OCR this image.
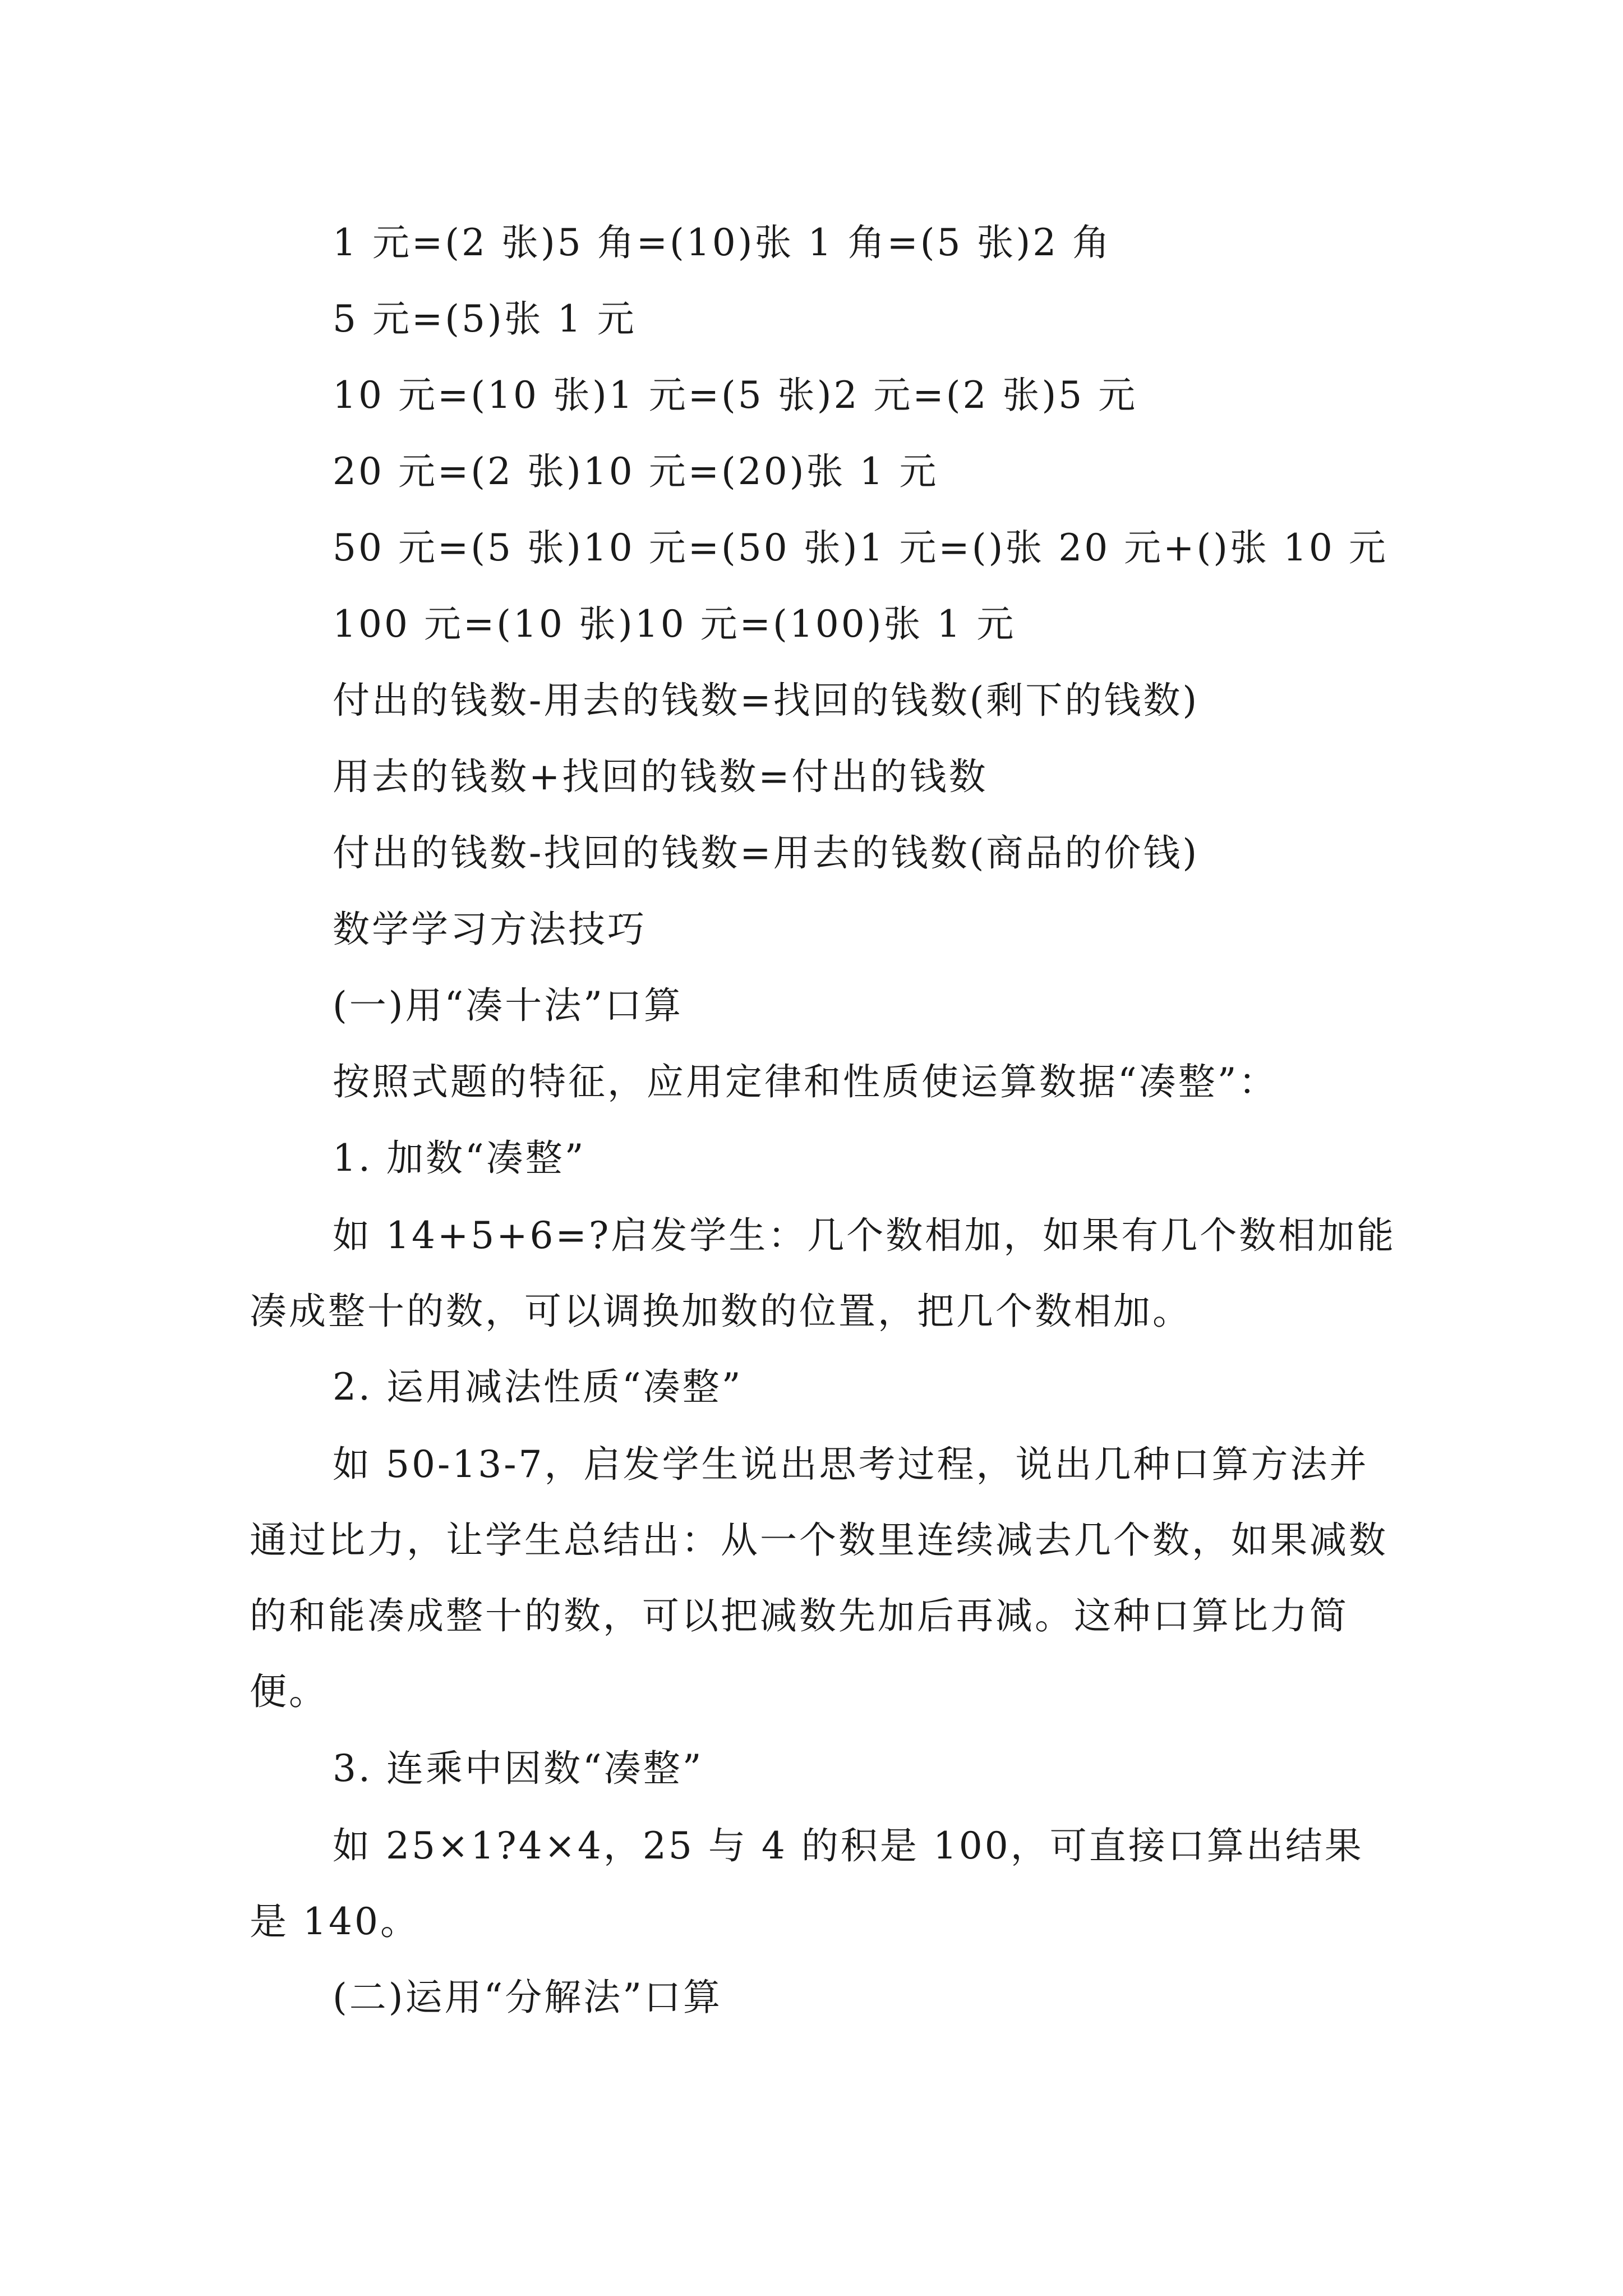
1 元=(2 张)5 角=(10)张 1 角=(5 张)2 角
5 元=(5)张 1 元
10 元=(10 张)1 元=(5 张)2 元=(2 张)5 元
20 元=(2 张)10 元=(20)张 1 元
50 元=(5 张)10 元=(50 张)1 元=()张 20 元+()张 10 元
100 元=(10 张)10 元=(100)张 1 元
付出的钱数-用去的钱数=找回的钱数(剩下的钱数)
用去的钱数+找回的钱数=付出的钱数
付出的钱数-找回的钱数=用去的钱数(商品的价钱)
数学学习方法技巧
(一)用“凑十法”口算
按照式题的特征，应用定律和性质使运算数据“凑整”：
1. 加数“凑整”
如 14+5+6=?启发学生：几个数相加，如果有几个数相加能凑成整十的数，可以调换加数的位置，把几个数相加。
2. 运用减法性质“凑整”
如 50-13-7，启发学生说出思考过程，说出几种口算方法并通过比力，让学生总结出：从一个数里连续减去几个数，如果减数的和能凑成整十的数，可以把减数先加后再减。这种口算比力简便。
3. 连乘中因数“凑整”
如 25×1?4×4，25 与 4 的积是 100，可直接口算出结果是 140。
(二)运用“分解法”口算
